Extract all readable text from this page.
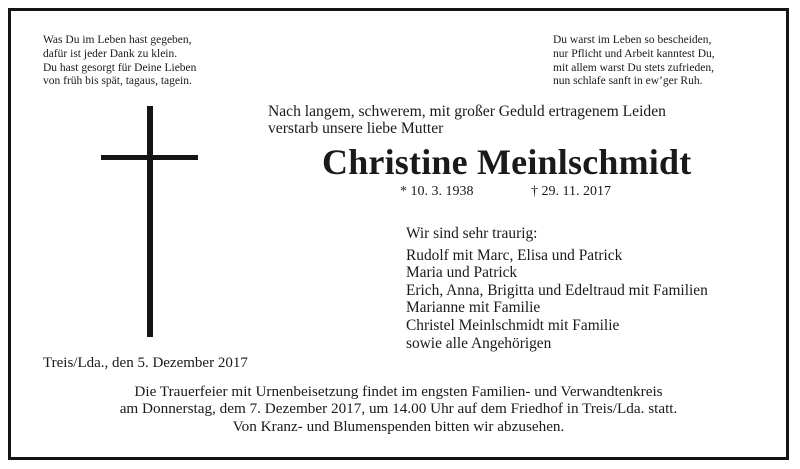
Was Du im Leben hast gegeben,
dafür ist jeder Dank zu klein.
Du hast gesorgt für Deine Lieben
von früh bis spät, tagaus, tagein.
Du warst im Leben so bescheiden,
nur Pflicht und Arbeit kanntest Du,
mit allem warst Du stets zufrieden,
nun schlafe sanft in ew’ger Ruh.
Nach langem, schwerem, mit großer Geduld ertragenem Leiden
verstarb unsere liebe Mutter
Christine Meinlschmidt
* 10. 3. 1938	† 29. 11. 2017
Wir sind sehr traurig:
Rudolf mit Marc, Elisa und Patrick
Maria und Patrick
Erich, Anna, Brigitta und Edeltraud mit Familien
Marianne mit Familie
Christel Meinlschmidt mit Familie
sowie alle Angehörigen
Treis/Lda., den 5. Dezember 2017
Die Trauerfeier mit Urnenbeisetzung findet im engsten Familien- und Verwandtenkreis
am Donnerstag, dem 7. Dezember 2017, um 14.00 Uhr auf dem Friedhof in Treis/Lda. statt.
Von Kranz- und Blumenspenden bitten wir abzusehen.
